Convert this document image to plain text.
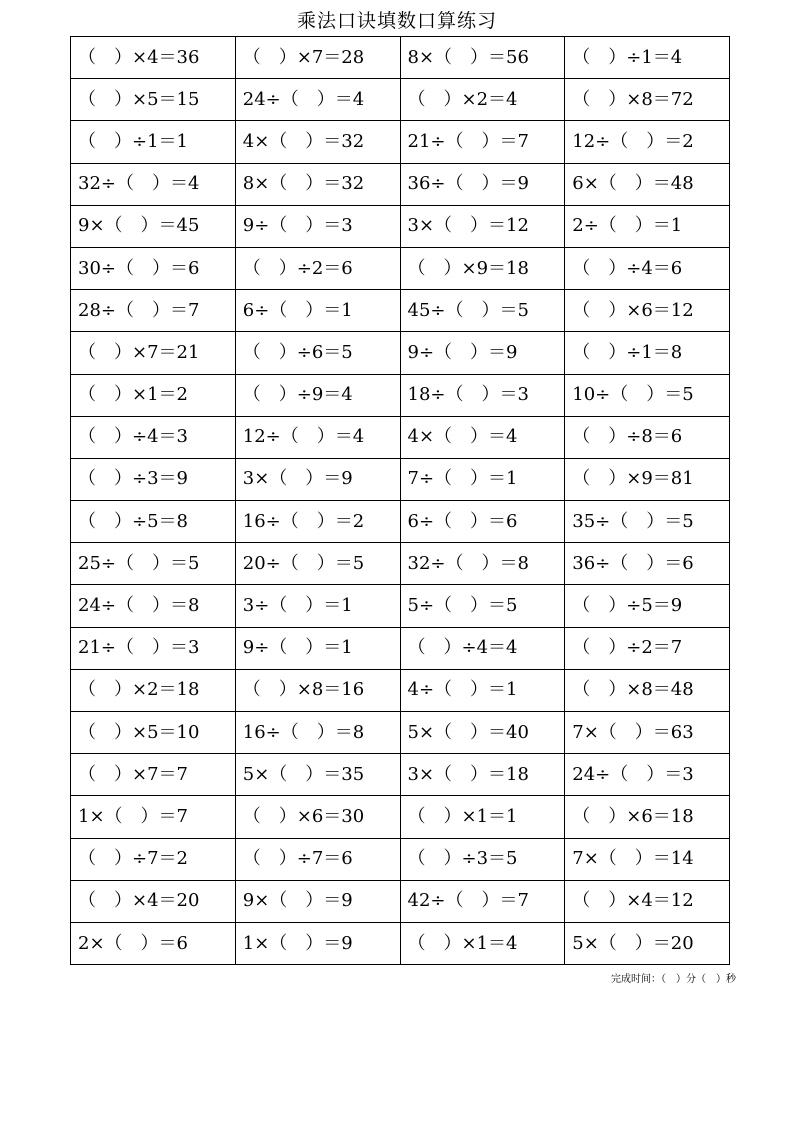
乘法口诀填数口算练习
（　）×4＝36	（　）×7＝28	8×（　）＝56	（　）÷1＝4
（　）×5＝15	24÷（　）＝4	（　）×2＝4	（　）×8＝72
（　）÷1＝1	4×（　）＝32	21÷（　）＝7	12÷（　）＝2
32÷（　）＝4	8×（　）＝32	36÷（　）＝9	6×（　）＝48
9×（　）＝45	9÷（　）＝3	3×（　）＝12	2÷（　）＝1
30÷（　）＝6	（　）÷2＝6	（　）×9＝18	（　）÷4＝6
28÷（　）＝7	6÷（　）＝1	45÷（　）＝5	（　）×6＝12
（　）×7＝21	（　）÷6＝5	9÷（　）＝9	（　）÷1＝8
（　）×1＝2	（　）÷9＝4	18÷（　）＝3	10÷（　）＝5
（　）÷4＝3	12÷（　）＝4	4×（　）＝4	（　）÷8＝6
（　）÷3＝9	3×（　）＝9	7÷（　）＝1	（　）×9＝81
（　）÷5＝8	16÷（　）＝2	6÷（　）＝6	35÷（　）＝5
25÷（　）＝5	20÷（　）＝5	32÷（　）＝8	36÷（　）＝6
24÷（　）＝8	3÷（　）＝1	5÷（　）＝5	（　）÷5＝9
21÷（　）＝3	9÷（　）＝1	（　）÷4＝4	（　）÷2＝7
（　）×2＝18	（　）×8＝16	4÷（　）＝1	（　）×8＝48
（　）×5＝10	16÷（　）＝8	5×（　）＝40	7×（　）＝63
（　）×7＝7	5×（　）＝35	3×（　）＝18	24÷（　）＝3
1×（　）＝7	（　）×6＝30	（　）×1＝1	（　）×6＝18
（　）÷7＝2	（　）÷7＝6	（　）÷3＝5	7×（　）＝14
（　）×4＝20	9×（　）＝9	42÷（　）＝7	（　）×4＝12
2×（　）＝6	1×（　）＝9	（　）×1＝4	5×（　）＝20
完成时间：（　）分（　）秒
